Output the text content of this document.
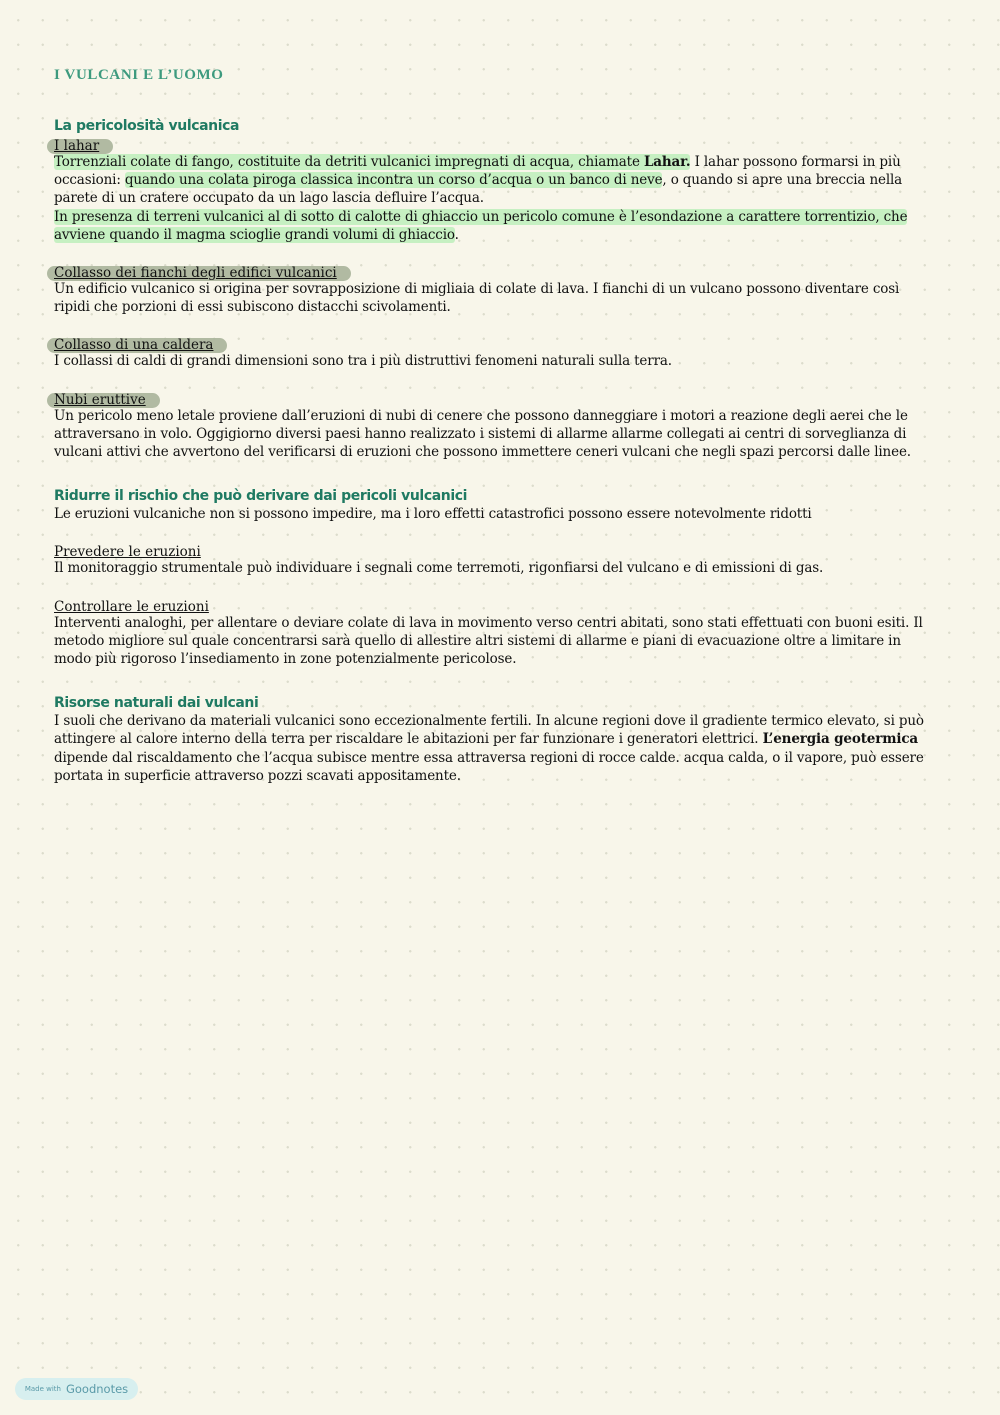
I VULCANI E L’UOMO
La pericolosità vulcanica
I lahar

Torrenziali colate di fango, costituite da detriti vulcanici impregnati di acqua, chiamate Lahar. I lahar possono formarsi in più occasioni: quando una colata piroga classica incontra un corso d’acqua o un banco di neve, o quando si apre una breccia nella parete di un cratere occupato da un lago lascia defluire l’acqua.
In presenza di terreni vulcanici al di sotto di calotte di ghiaccio un pericolo comune è l’esondazione a carattere torrentizio, che avviene quando il magma scioglie grandi volumi di ghiaccio.

Collasso dei fianchi degli edifici vulcanici

Un edificio vulcanico si origina per sovrapposizione di migliaia di colate di lava. I fianchi di un vulcano possono diventare così ripidi che porzioni di essi subiscono distacchi scivolamenti.

Collasso di una caldera

I collassi di caldi di grandi dimensioni sono tra i più distruttivi fenomeni naturali sulla terra.

Nubi eruttive

Un pericolo meno letale proviene dall’eruzioni di nubi di cenere che possono danneggiare i motori a reazione degli aerei che le attraversano in volo. Oggigiorno diversi paesi hanno realizzato i sistemi di allarme allarme collegati ai centri di sorveglianza di vulcani attivi che avvertono del verificarsi di eruzioni che possono immettere ceneri vulcani che negli spazi percorsi dalle linee.

Ridurre il rischio che può derivare dai pericoli vulcanici

Le eruzioni vulcaniche non si possono impedire, ma i loro effetti catastrofici possono essere notevolmente ridotti

Prevedere le eruzioni

Il monitoraggio strumentale può individuare i segnali come terremoti, rigonfiarsi del vulcano e di emissioni di gas.

Controllare le eruzioni

Interventi analoghi, per allentare o deviare colate di lava in movimento verso centri abitati, sono stati effettuati con buoni esiti. Il metodo migliore sul quale concentrarsi sarà quello di allestire altri sistemi di allarme e piani di evacuazione oltre a limitare in modo più rigoroso l’insediamento in zone potenzialmente pericolose.

Risorse naturali dai vulcani

I suoli che derivano da materiali vulcanici sono eccezionalmente fertili. In alcune regioni dove il gradiente termico elevato, si può attingere al calore interno della terra per riscaldare le abitazioni per far funzionare i generatori elettrici. L’energia geotermica dipende dal riscaldamento che l’acqua subisce mentre essa attraversa regioni di rocce calde. acqua calda, o il vapore, può essere portata in superficie attraverso pozzi scavati appositamente.

Made with Goodnotes
